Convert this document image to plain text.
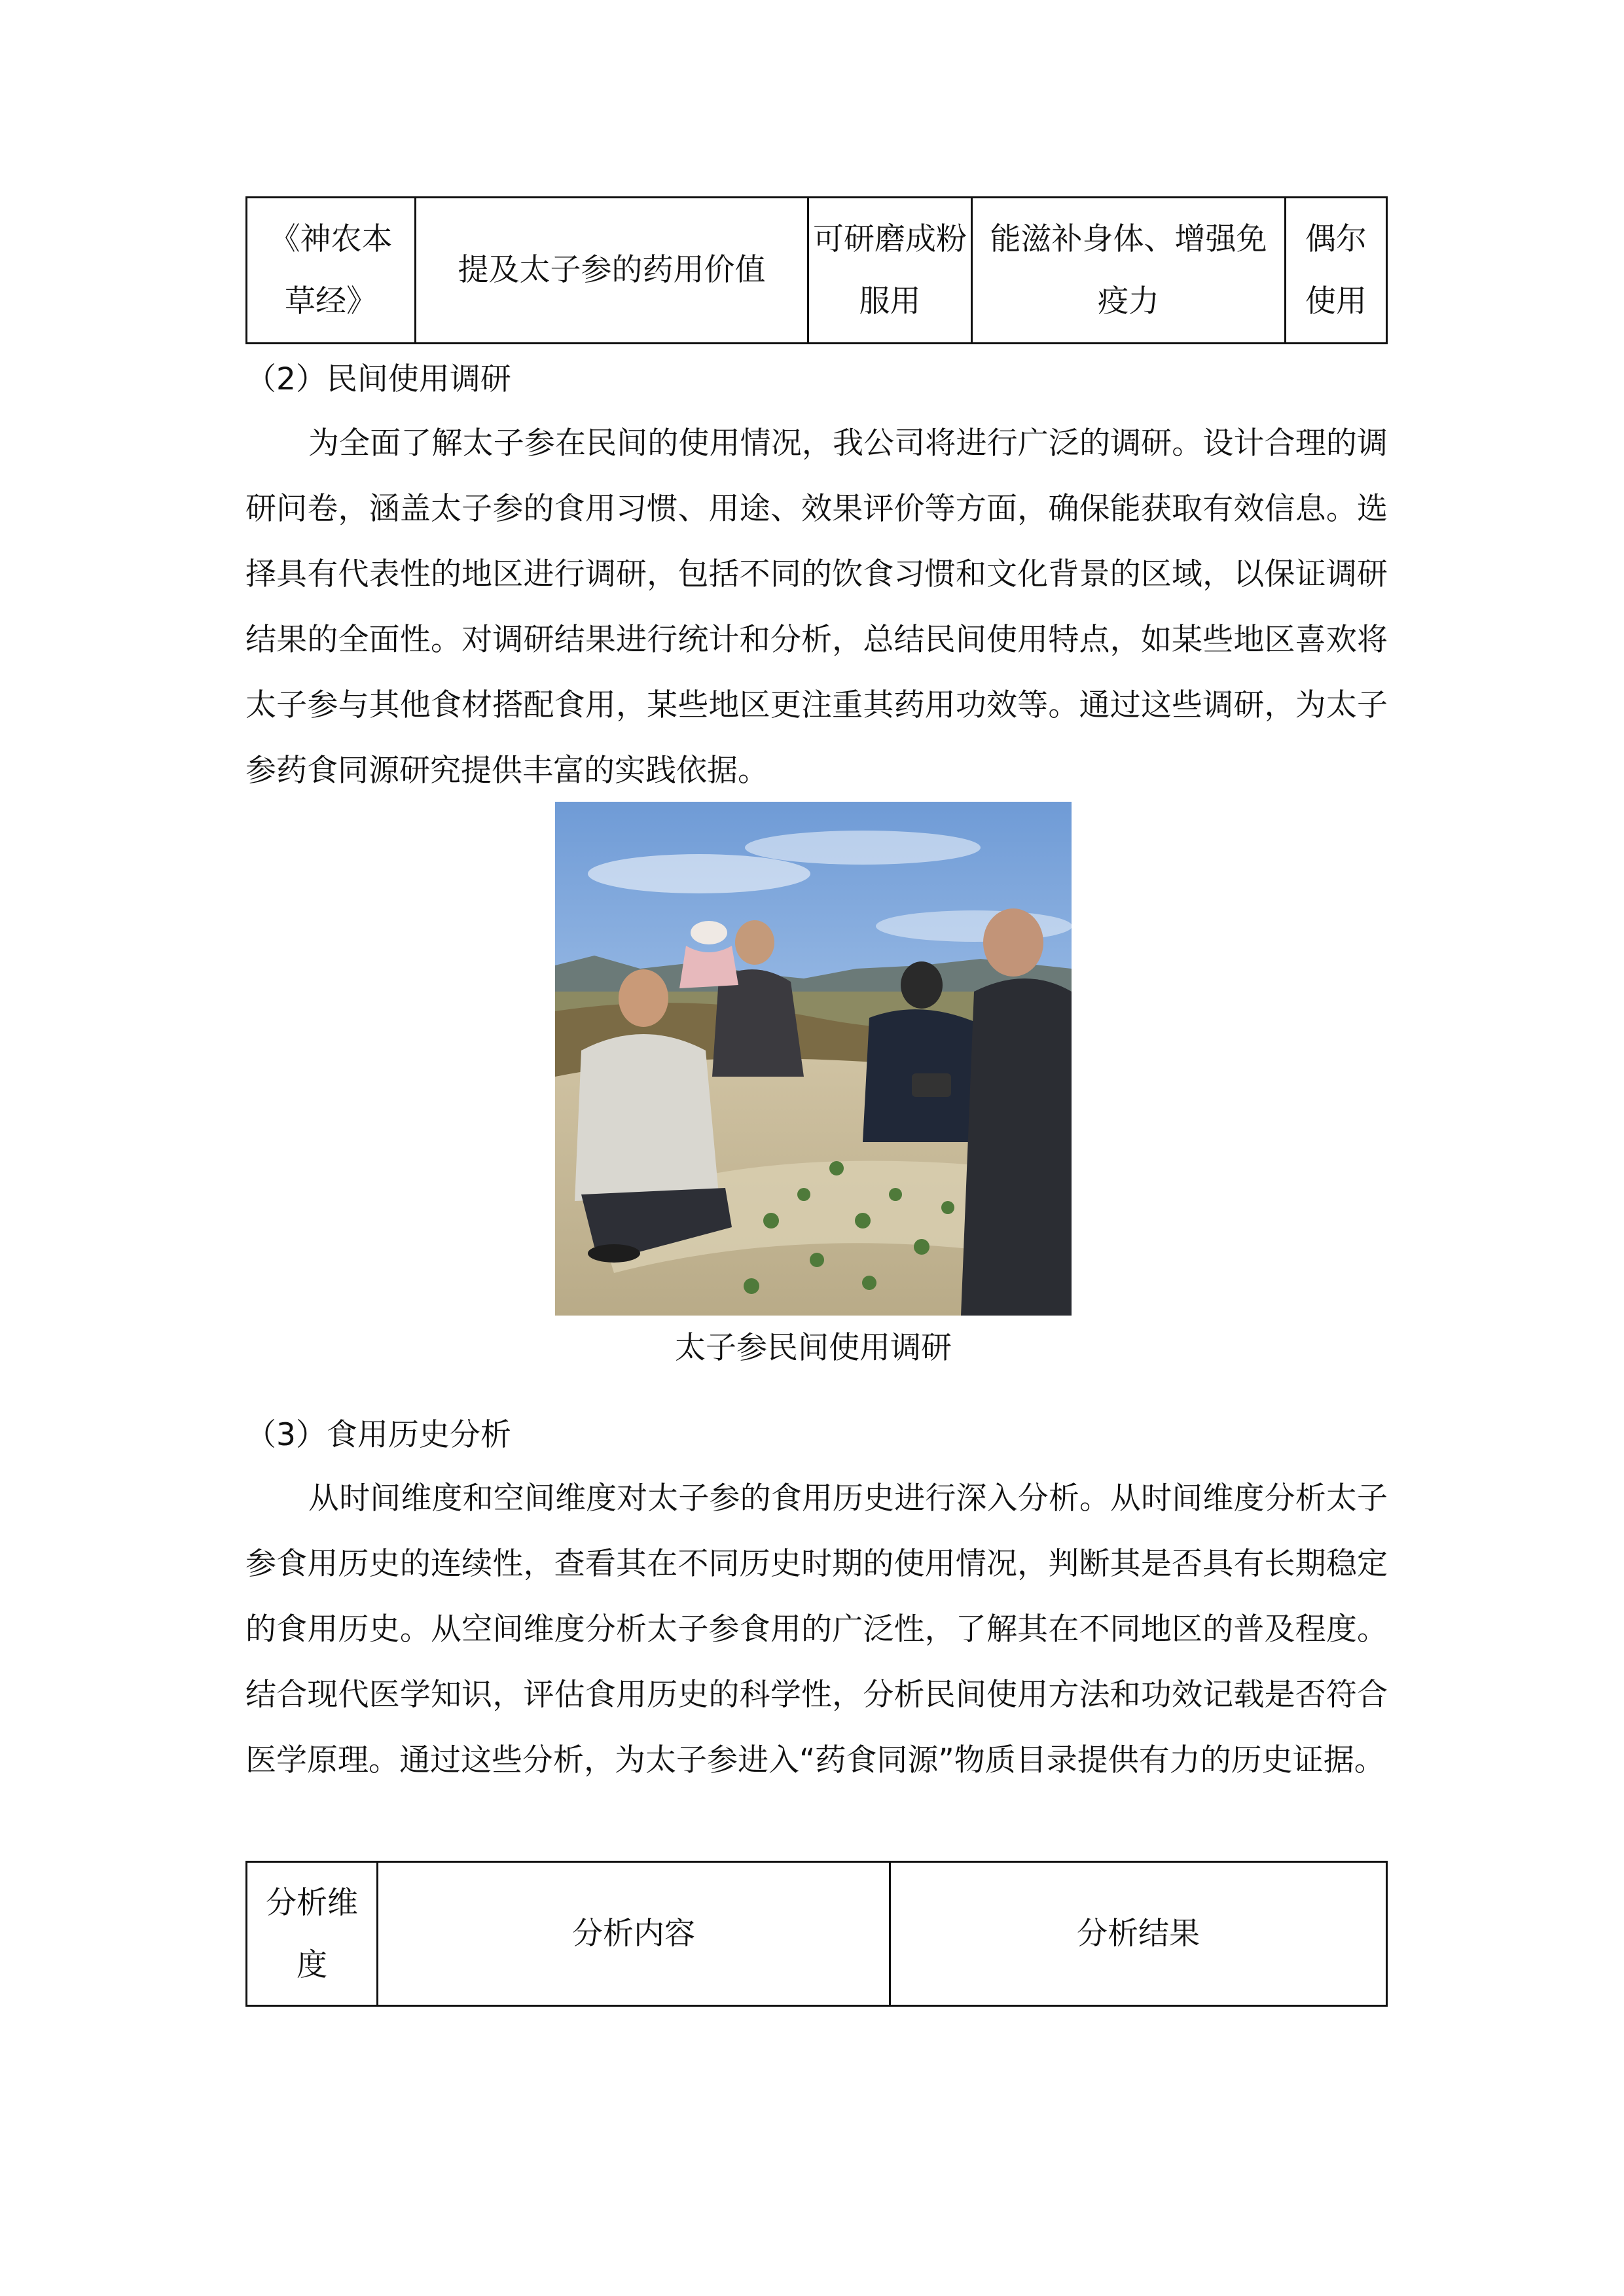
《神农本草经》
提及太子参的药用价值
可研磨成粉服用
能滋补身体、增强免疫力
偶尔使用
（2）民间使用调研
为全面了解太子参在民间的使用情况，我公司将进行广泛的调研。设计合理的调研问卷，涵盖太子参的食用习惯、用途、效果评价等方面，确保能获取有效信息。选择具有代表性的地区进行调研，包括不同的饮食习惯和文化背景的区域，以保证调研结果的全面性。对调研结果进行统计和分析，总结民间使用特点，如某些地区喜欢将太子参与其他食材搭配食用，某些地区更注重其药用功效等。通过这些调研，为太子参药食同源研究提供丰富的实践依据。
太子参民间使用调研
（3）食用历史分析
从时间维度和空间维度对太子参的食用历史进行深入分析。从时间维度分析太子参食用历史的连续性，查看其在不同历史时期的使用情况，判断其是否具有长期稳定的食用历史。从空间维度分析太子参食用的广泛性，了解其在不同地区的普及程度。结合现代医学知识，评估食用历史的科学性，分析民间使用方法和功效记载是否符合医学原理。通过这些分析，为太子参进入“药食同源”物质目录提供有力的历史证据。
分析维度
分析内容	分析结果
